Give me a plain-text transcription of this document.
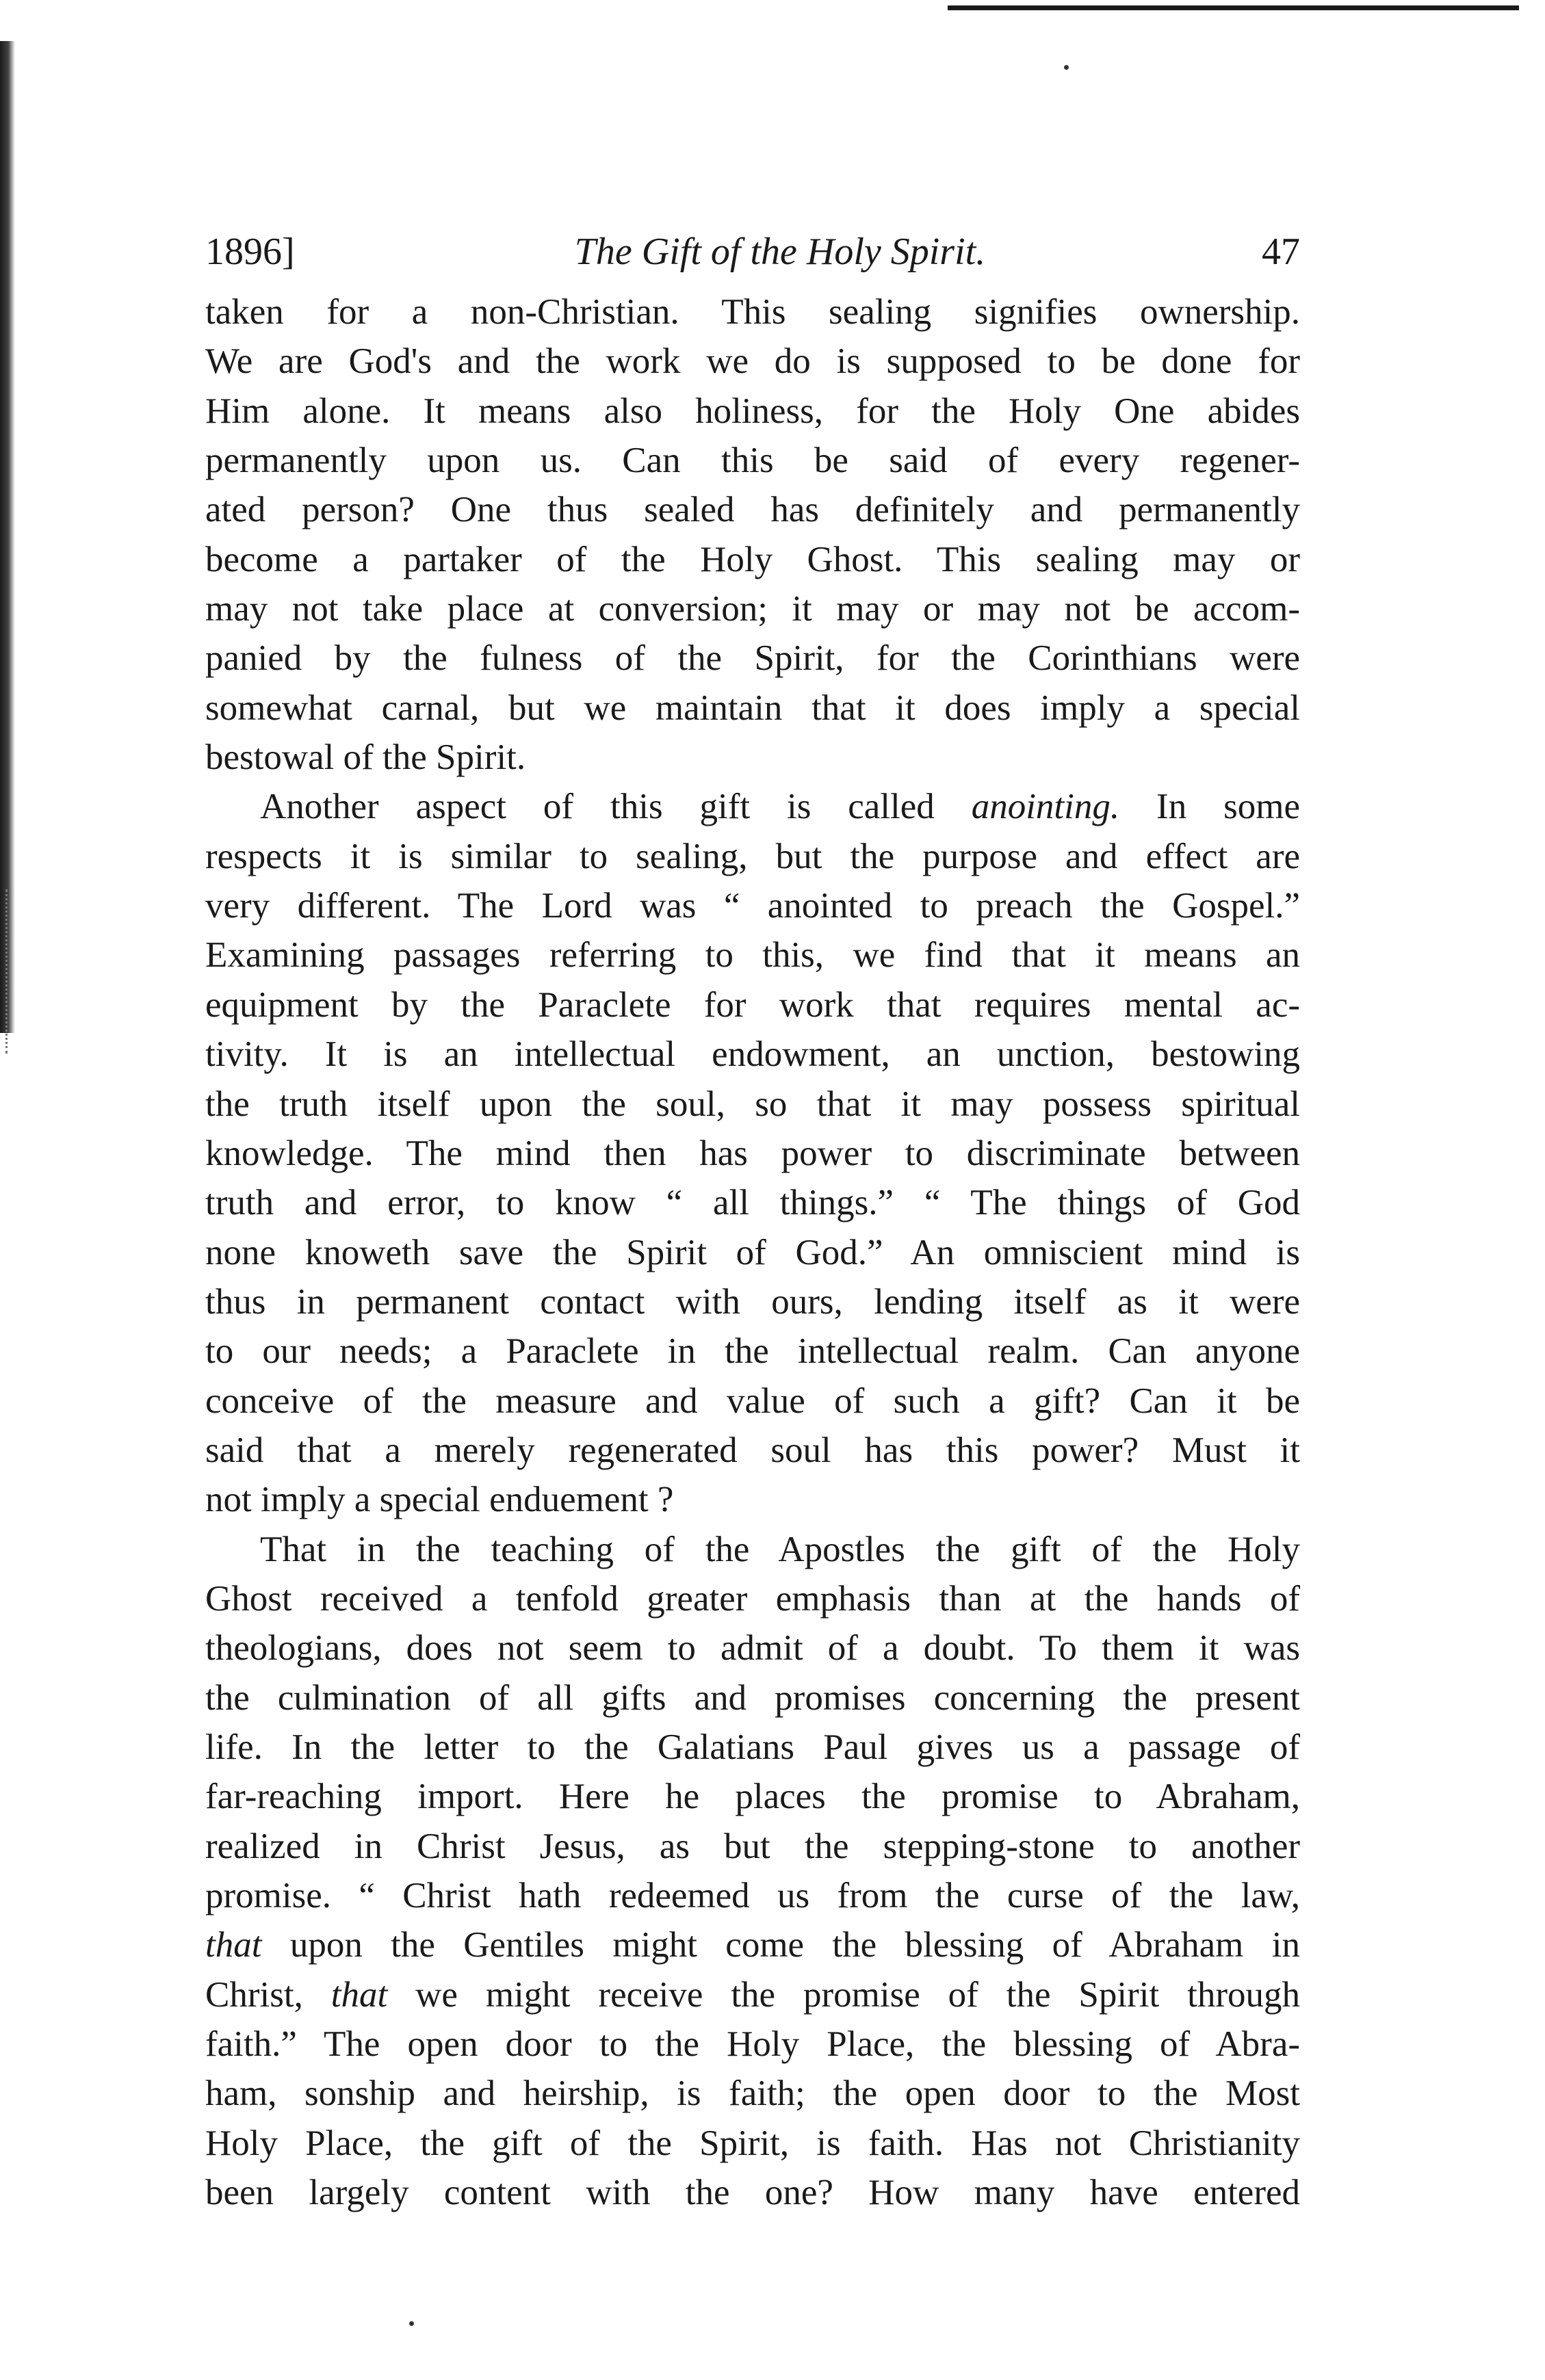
1896]	The Gift of the Holy Spirit.	47
taken for a non-Christian. This sealing signifies ownership.
We are God's and the work we do is supposed to be done for
Him alone. It means also holiness, for the Holy One abides
permanently upon us. Can this be said of every regener-
ated person? One thus sealed has definitely and permanently
become a partaker of the Holy Ghost. This sealing may or
may not take place at conversion; it may or may not be accom-
panied by the fulness of the Spirit, for the Corinthians were
somewhat carnal, but we maintain that it does imply a special
bestowal of the Spirit.
Another aspect of this gift is called anointing. In some
respects it is similar to sealing, but the purpose and effect are
very different. The Lord was “ anointed to preach the Gospel.”
Examining passages referring to this, we find that it means an
equipment by the Paraclete for work that requires mental ac-
tivity. It is an intellectual endowment, an unction, bestowing
the truth itself upon the soul, so that it may possess spiritual
knowledge. The mind then has power to discriminate between
truth and error, to know “ all things.” “ The things of God
none knoweth save the Spirit of God.” An omniscient mind is
thus in permanent contact with ours, lending itself as it were
to our needs; a Paraclete in the intellectual realm. Can anyone
conceive of the measure and value of such a gift? Can it be
said that a merely regenerated soul has this power? Must it
not imply a special enduement ?
That in the teaching of the Apostles the gift of the Holy
Ghost received a tenfold greater emphasis than at the hands of
theologians, does not seem to admit of a doubt. To them it was
the culmination of all gifts and promises concerning the present
life. In the letter to the Galatians Paul gives us a passage of
far-reaching import. Here he places the promise to Abraham,
realized in Christ Jesus, as but the stepping-stone to another
promise. “ Christ hath redeemed us from the curse of the law,
that upon the Gentiles might come the blessing of Abraham in
Christ, that we might receive the promise of the Spirit through
faith.” The open door to the Holy Place, the blessing of Abra-
ham, sonship and heirship, is faith; the open door to the Most
Holy Place, the gift of the Spirit, is faith. Has not Christianity
been largely content with the one? How many have entered
